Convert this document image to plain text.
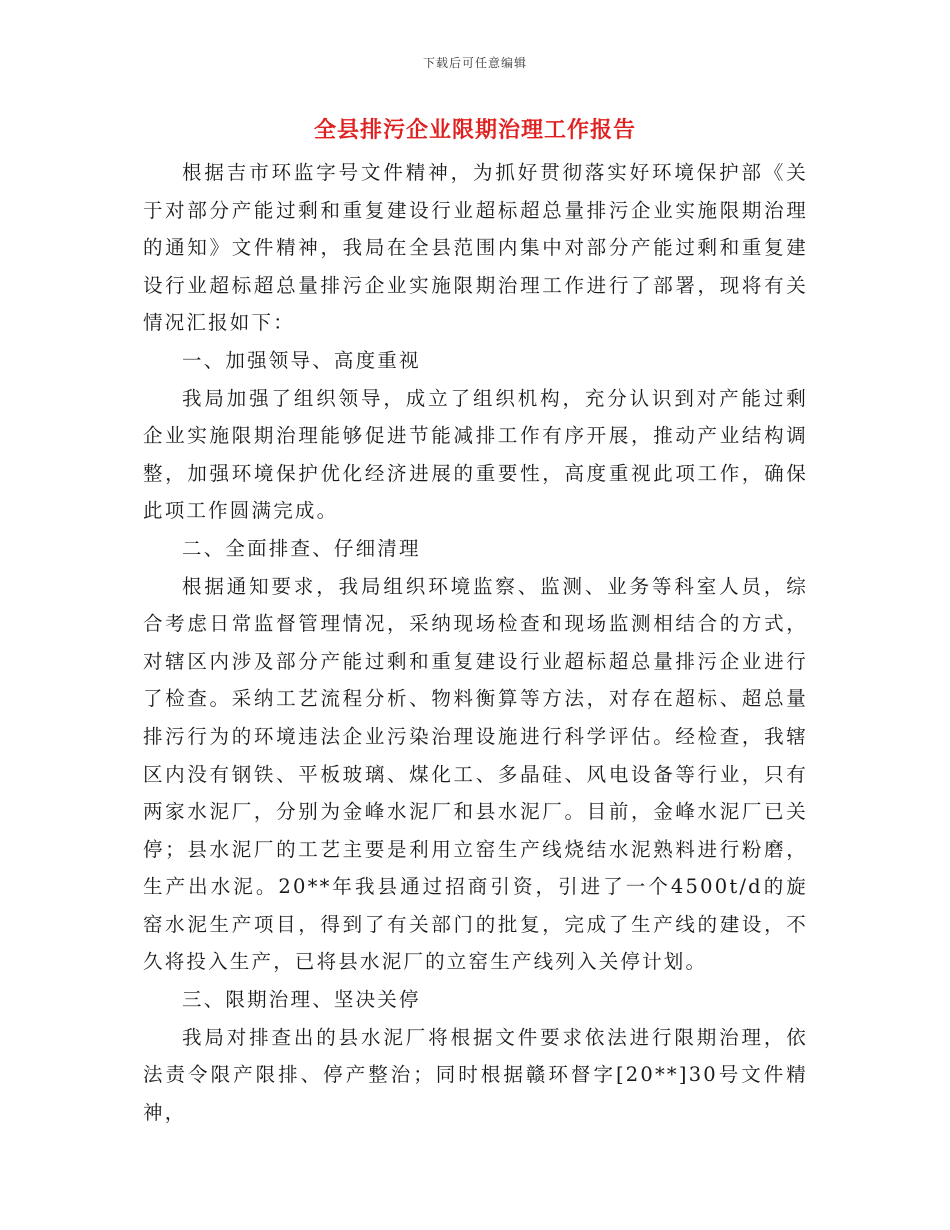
下载后可任意编辑
全县排污企业限期治理工作报告

根据吉市环监字号文件精神，为抓好贯彻落实好环境保护部《关于对部分产能过剩和重复建设行业超标超总量排污企业实施限期治理的通知》文件精神，我局在全县范围内集中对部分产能过剩和重复建设行业超标超总量排污企业实施限期治理工作进行了部署，现将有关情况汇报如下：

一、加强领导、高度重视

我局加强了组织领导，成立了组织机构，充分认识到对产能过剩企业实施限期治理能够促进节能减排工作有序开展，推动产业结构调整，加强环境保护优化经济进展的重要性，高度重视此项工作，确保此项工作圆满完成。

二、全面排查、仔细清理

根据通知要求，我局组织环境监察、监测、业务等科室人员，综合考虑日常监督管理情况，采纳现场检查和现场监测相结合的方式，对辖区内涉及部分产能过剩和重复建设行业超标超总量排污企业进行了检查。采纳工艺流程分析、物料衡算等方法，对存在超标、超总量排污行为的环境违法企业污染治理设施进行科学评估。经检查，我辖区内没有钢铁、平板玻璃、煤化工、多晶硅、风电设备等行业，只有两家水泥厂，分别为金峰水泥厂和县水泥厂。目前，金峰水泥厂已关停；县水泥厂的工艺主要是利用立窑生产线烧结水泥熟料进行粉磨，生产出水泥。20**年我县通过招商引资，引进了一个4500t/d的旋窑水泥生产项目，得到了有关部门的批复，完成了生产线的建设，不久将投入生产，已将县水泥厂的立窑生产线列入关停计划。

三、限期治理、坚决关停

我局对排查出的县水泥厂将根据文件要求依法进行限期治理，依法责令限产限排、停产整治；同时根据赣环督字[20**]30号文件精神，
